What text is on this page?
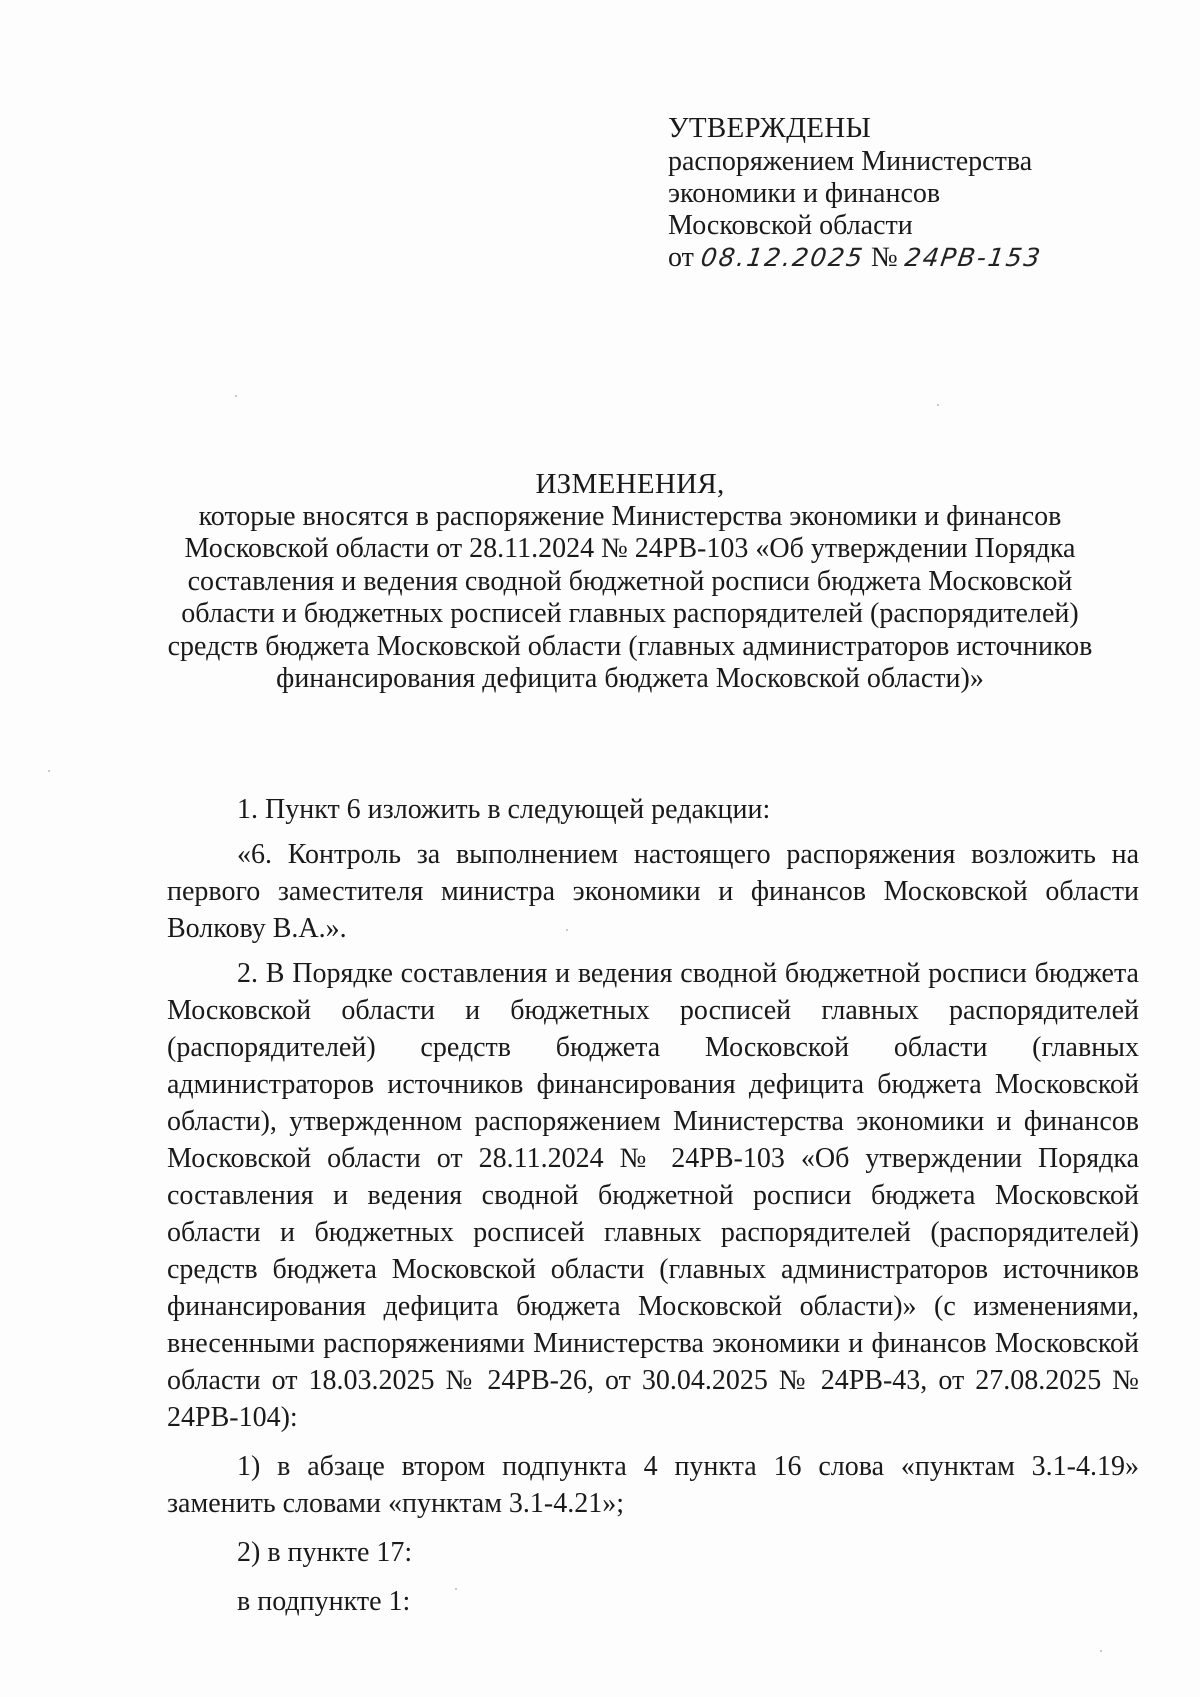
УТВЕРЖДЕНЫ
распоряжением Министерства
экономики и финансов
Московской области
от 08.12.2025 № 24РВ-153
ИЗМЕНЕНИЯ,
которые вносятся в распоряжение Министерства экономики и финансов
Московской области от 28.11.2024 № 24РВ-103 «Об утверждении Порядка
составления и ведения сводной бюджетной росписи бюджета Московской
области и бюджетных росписей главных распорядителей (распорядителей)
средств бюджета Московской области (главных администраторов источников
финансирования дефицита бюджета Московской области)»

1. Пункт 6 изложить в следующей редакции:

«6. Контроль за выполнением настоящего распоряжения возложить на первого заместителя министра экономики и финансов Московской области Волкову В.А.».

2. В Порядке составления и ведения сводной бюджетной росписи бюджета Московской области и бюджетных росписей главных распорядителей (распорядителей) средств бюджета Московской области (главных администраторов источников финансирования дефицита бюджета Московской области), утвержденном распоряжением Министерства экономики и финансов Московской области от 28.11.2024 № 24РВ-103 «Об утверждении Порядка составления и ведения сводной бюджетной росписи бюджета Московской области и бюджетных росписей главных распорядителей (распорядителей) средств бюджета Московской области (главных администраторов источников финансирования дефицита бюджета Московской области)» (с изменениями, внесенными распоряжениями Министерства экономики и финансов Московской области от 18.03.2025 № 24РВ-26, от 30.04.2025 № 24РВ-43, от 27.08.2025 № 24РВ-104):

1) в абзаце втором подпункта 4 пункта 16 слова «пунктам 3.1-4.19» заменить словами «пунктам 3.1-4.21»;

2) в пункте 17:

в подпункте 1:
